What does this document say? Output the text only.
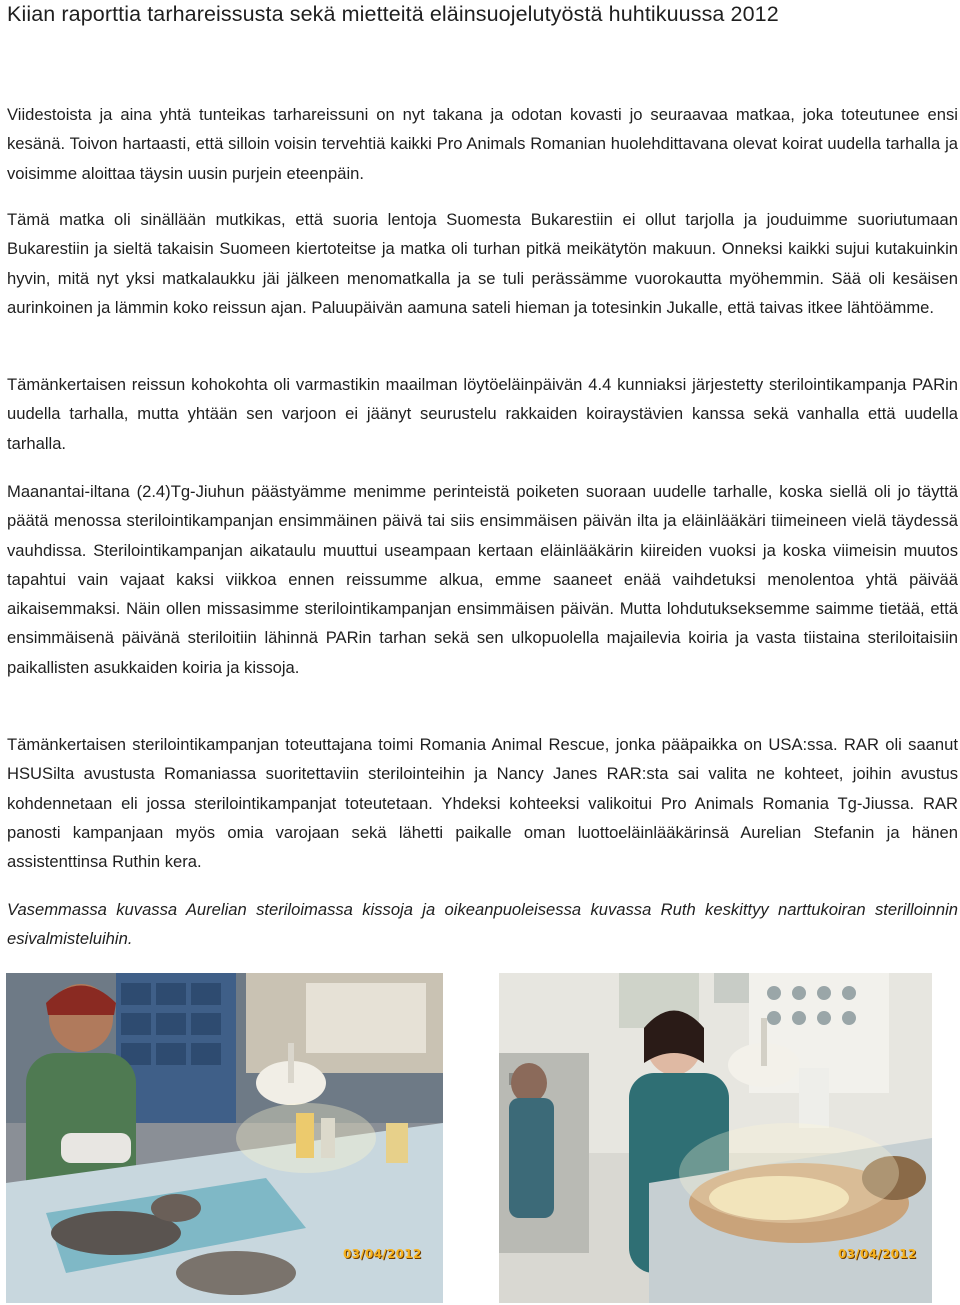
Kiian raporttia tarhareissusta sekä mietteitä eläinsuojelutyöstä huhtikuussa 2012

Viidestoista ja aina yhtä tunteikas tarhareissuni on nyt takana ja odotan kovasti jo seuraavaa matkaa, joka toteutunee ensi kesänä. Toivon hartaasti, että silloin voisin tervehtiä kaikki Pro Animals Romanian huolehdittavana olevat koirat uudella tarhalla ja voisimme aloittaa täysin uusin purjein eteenpäin.

Tämä matka oli sinällään mutkikas, että suoria lentoja Suomesta Bukarestiin ei ollut tarjolla ja jouduimme suoriutumaan Bukarestiin ja sieltä takaisin Suomeen kiertoteitse ja matka oli turhan pitkä meikätytön makuun. Onneksi kaikki sujui kutakuinkin hyvin, mitä nyt yksi matkalaukku jäi jälkeen menomatkalla ja se tuli perässämme vuorokautta myöhemmin. Sää oli kesäisen aurinkoinen ja lämmin koko reissun ajan. Paluupäivän aamuna sateli hieman ja totesinkin Jukalle, että taivas itkee lähtöämme.

Tämänkertaisen reissun kohokohta oli varmastikin maailman löytöeläinpäivän 4.4 kunniaksi järjestetty sterilointikampanja PARin uudella tarhalla, mutta yhtään sen varjoon ei jäänyt seurustelu rakkaiden koiraystävien kanssa sekä vanhalla että uudella tarhalla.

Maanantai-iltana (2.4)Tg-Jiuhun päästyämme menimme perinteistä poiketen suoraan uudelle tarhalle, koska siellä oli jo täyttä päätä menossa sterilointikampanjan ensimmäinen päivä tai siis ensimmäisen päivän ilta ja eläinlääkäri tiimeineen vielä täydessä vauhdissa. Sterilointikampanjan aikataulu muuttui useampaan kertaan eläinlääkärin kiireiden vuoksi ja koska viimeisin muutos tapahtui vain vajaat kaksi viikkoa ennen reissumme alkua, emme saaneet enää vaihdetuksi menolentoa yhtä päivää aikaisemmaksi. Näin ollen missasimme sterilointikampanjan ensimmäisen päivän. Mutta lohdutukseksemme saimme tietää, että ensimmäisenä päivänä steriloitiin lähinnä PARin tarhan sekä sen ulkopuolella majailevia koiria ja vasta tiistaina steriloitaisiin paikallisten asukkaiden koiria ja kissoja.

Tämänkertaisen sterilointikampanjan toteuttajana toimi Romania Animal Rescue, jonka pääpaikka on USA:ssa. RAR oli saanut HSUSilta avustusta Romaniassa suoritettaviin sterilointeihin ja Nancy Janes RAR:sta sai valita ne kohteet, joihin avustus kohdennetaan eli jossa sterilointikampanjat toteutetaan. Yhdeksi kohteeksi valikoitui Pro Animals Romania Tg-Jiussa. RAR panosti kampanjaan myös omia varojaan sekä lähetti paikalle oman luottoeläinlääkärinsä Aurelian Stefanin ja hänen assistenttinsa Ruthin kera.

Vasemmassa kuvassa Aurelian steriloimassa kissoja ja oikeanpuoleisessa kuvassa Ruth keskittyy narttukoiran sterilloinnin esivalmisteluihin.

03/04/2012	03/04/2012
